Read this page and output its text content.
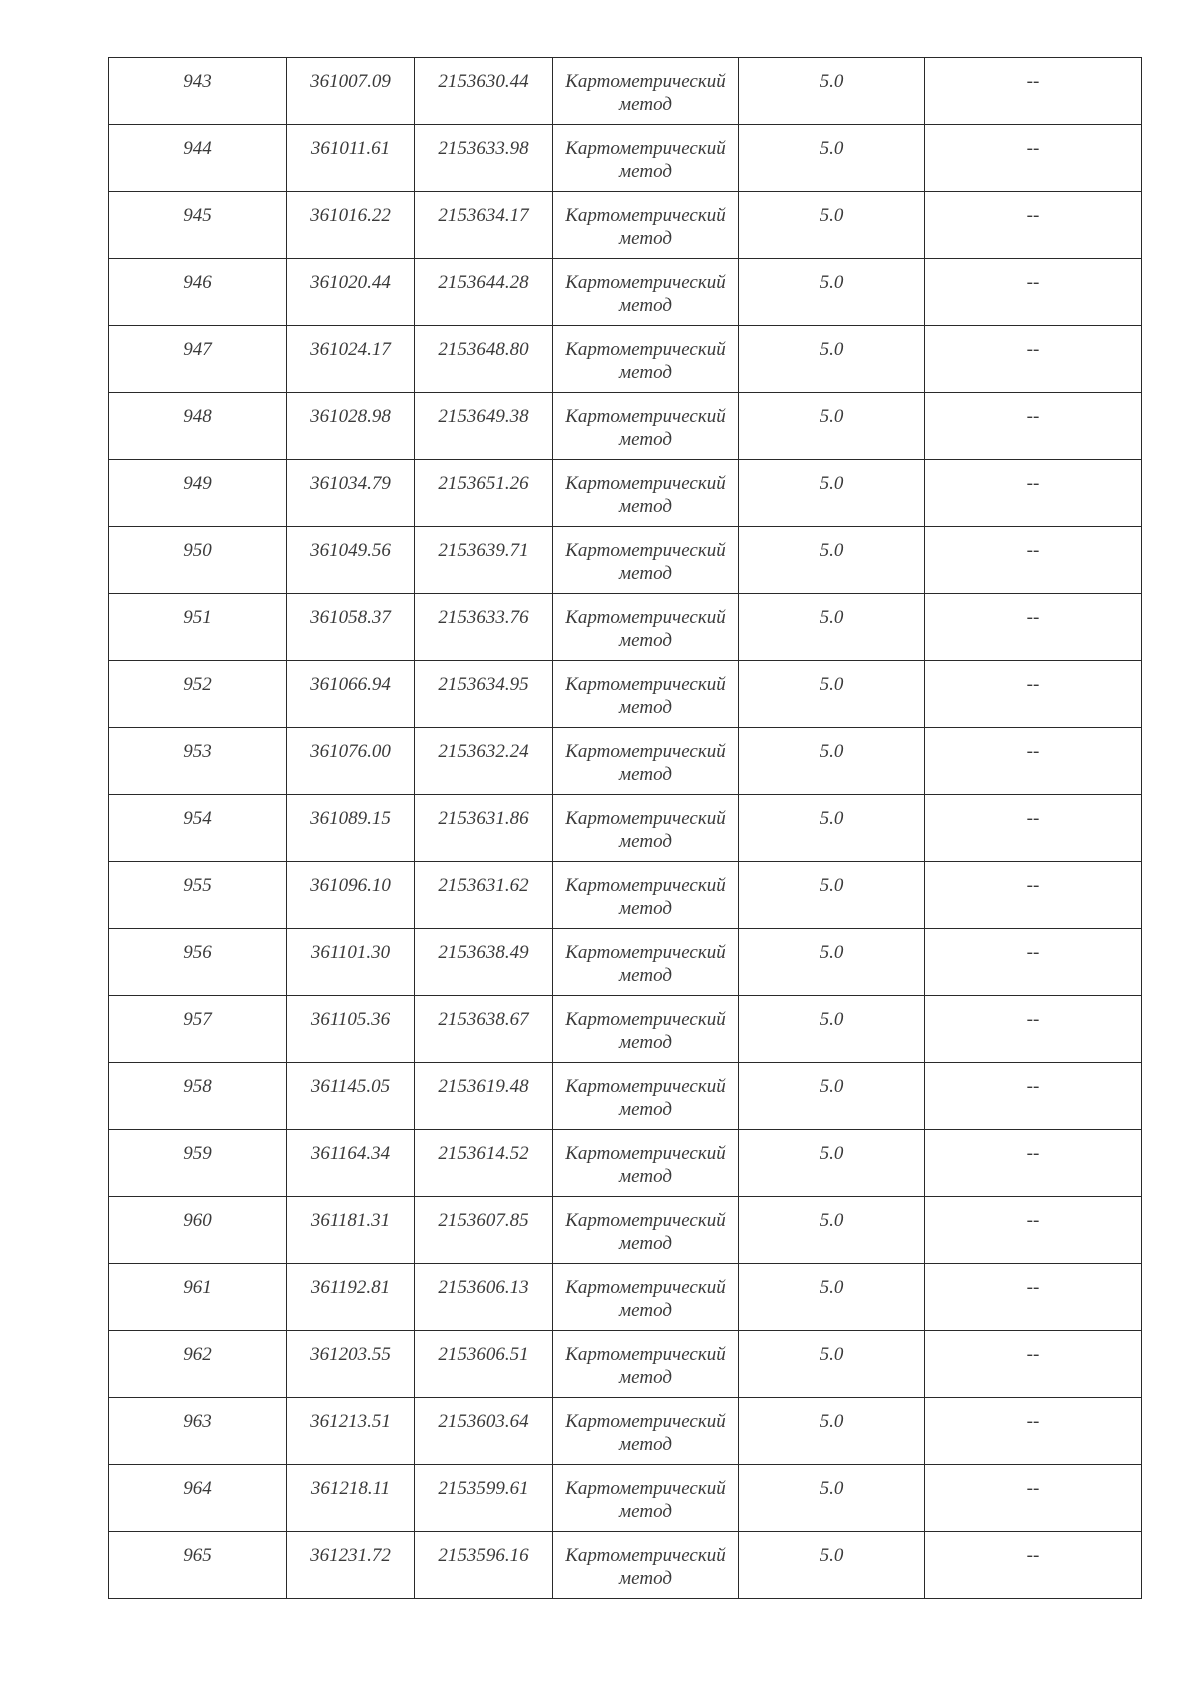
943	361007.09	2153630.44	Картометрический
метод	5.0	--
944	361011.61	2153633.98	Картометрический
метод	5.0	--
945	361016.22	2153634.17	Картометрический
метод	5.0	--
946	361020.44	2153644.28	Картометрический
метод	5.0	--
947	361024.17	2153648.80	Картометрический
метод	5.0	--
948	361028.98	2153649.38	Картометрический
метод	5.0	--
949	361034.79	2153651.26	Картометрический
метод	5.0	--
950	361049.56	2153639.71	Картометрический
метод	5.0	--
951	361058.37	2153633.76	Картометрический
метод	5.0	--
952	361066.94	2153634.95	Картометрический
метод	5.0	--
953	361076.00	2153632.24	Картометрический
метод	5.0	--
954	361089.15	2153631.86	Картометрический
метод	5.0	--
955	361096.10	2153631.62	Картометрический
метод	5.0	--
956	361101.30	2153638.49	Картометрический
метод	5.0	--
957	361105.36	2153638.67	Картометрический
метод	5.0	--
958	361145.05	2153619.48	Картометрический
метод	5.0	--
959	361164.34	2153614.52	Картометрический
метод	5.0	--
960	361181.31	2153607.85	Картометрический
метод	5.0	--
961	361192.81	2153606.13	Картометрический
метод	5.0	--
962	361203.55	2153606.51	Картометрический
метод	5.0	--
963	361213.51	2153603.64	Картометрический
метод	5.0	--
964	361218.11	2153599.61	Картометрический
метод	5.0	--
965	361231.72	2153596.16	Картометрический
метод	5.0	--
